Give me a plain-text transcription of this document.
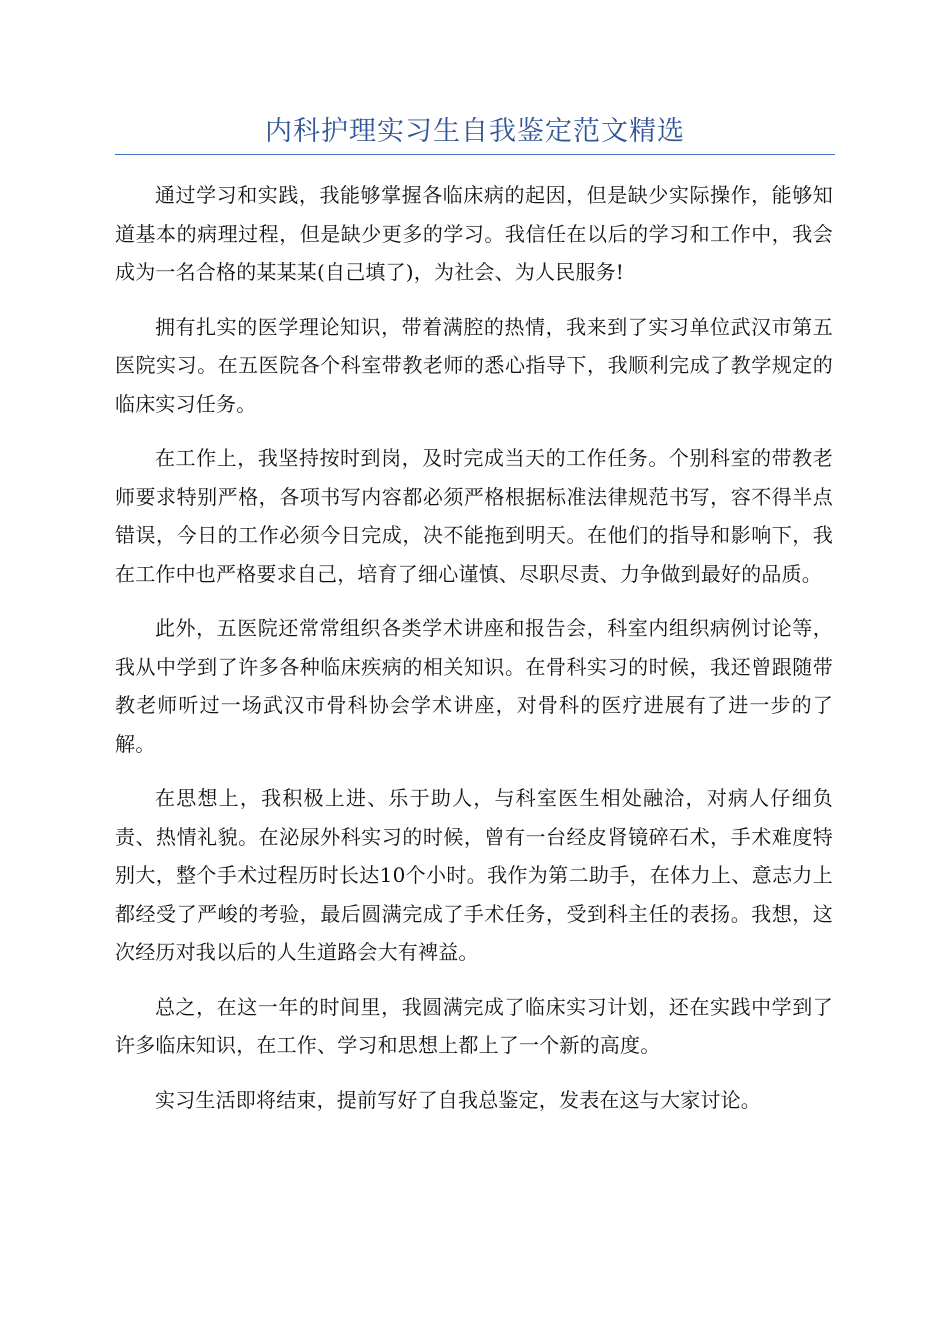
内科护理实习生自我鉴定范文精选

通过学习和实践，我能够掌握各临床病的起因，但是缺少实际操作，能够知道基本的病理过程，但是缺少更多的学习。我信任在以后的学习和工作中，我会成为一名合格的某某某(自己填了)，为社会、为人民服务!

拥有扎实的医学理论知识，带着满腔的热情，我来到了实习单位武汉市第五医院实习。在五医院各个科室带教老师的悉心指导下，我顺利完成了教学规定的临床实习任务。

在工作上，我坚持按时到岗，及时完成当天的工作任务。个别科室的带教老师要求特别严格，各项书写内容都必须严格根据标准法律规范书写，容不得半点错误，今日的工作必须今日完成，决不能拖到明天。在他们的指导和影响下，我在工作中也严格要求自己，培育了细心谨慎、尽职尽责、力争做到最好的品质。

此外，五医院还常常组织各类学术讲座和报告会，科室内组织病例讨论等，我从中学到了许多各种临床疾病的相关知识。在骨科实习的时候，我还曾跟随带教老师听过一场武汉市骨科协会学术讲座，对骨科的医疗进展有了进一步的了解。

在思想上，我积极上进、乐于助人，与科室医生相处融洽，对病人仔细负责、热情礼貌。在泌尿外科实习的时候，曾有一台经皮肾镜碎石术，手术难度特别大，整个手术过程历时长达10个小时。我作为第二助手，在体力上、意志力上都经受了严峻的考验，最后圆满完成了手术任务，受到科主任的表扬。我想，这次经历对我以后的人生道路会大有裨益。

总之，在这一年的时间里，我圆满完成了临床实习计划，还在实践中学到了许多临床知识，在工作、学习和思想上都上了一个新的高度。

实习生活即将结束，提前写好了自我总鉴定，发表在这与大家讨论。
